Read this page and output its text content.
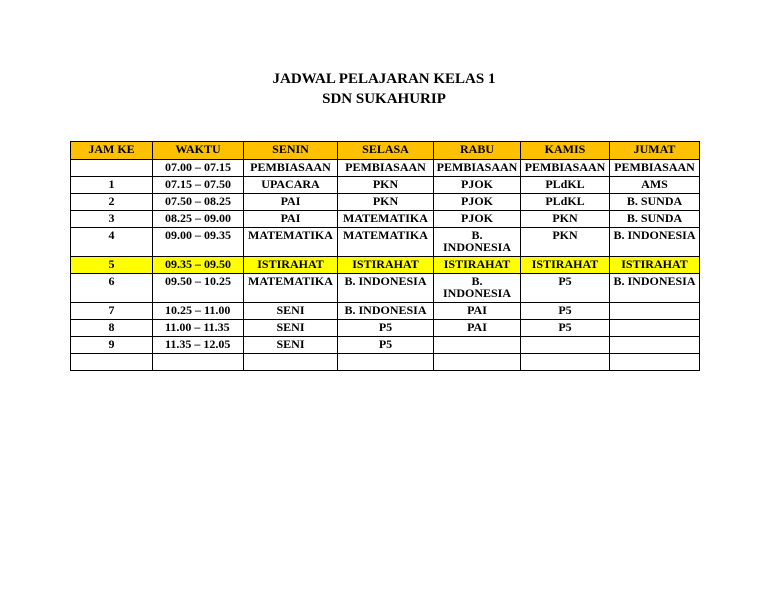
JADWAL PELAJARAN KELAS 1
SDN SUKAHURIP
JAM KE	WAKTU	SENIN	SELASA	RABU	KAMIS	JUMAT
	07.00 – 07.15	PEMBIASAAN	PEMBIASAAN	PEMBIASAAN	PEMBIASAAN	PEMBIASAAN
1	07.15 – 07.50	UPACARA	PKN	PJOK	PLdKL	AMS
2	07.50 – 08.25	PAI	PKN	PJOK	PLdKL	B. SUNDA
3	08.25 – 09.00	PAI	MATEMATIKA	PJOK	PKN	B. SUNDA
4	09.00 – 09.35	MATEMATIKA	MATEMATIKA	B. INDONESIA	PKN	B. INDONESIA
5	09.35 – 09.50	ISTIRAHAT	ISTIRAHAT	ISTIRAHAT	ISTIRAHAT	ISTIRAHAT
6	09.50 – 10.25	MATEMATIKA	B. INDONESIA	B. INDONESIA	P5	B. INDONESIA
7	10.25 – 11.00	SENI	B. INDONESIA	PAI	P5	
8	11.00 – 11.35	SENI	P5	PAI	P5	
9	11.35 – 12.05	SENI	P5			
